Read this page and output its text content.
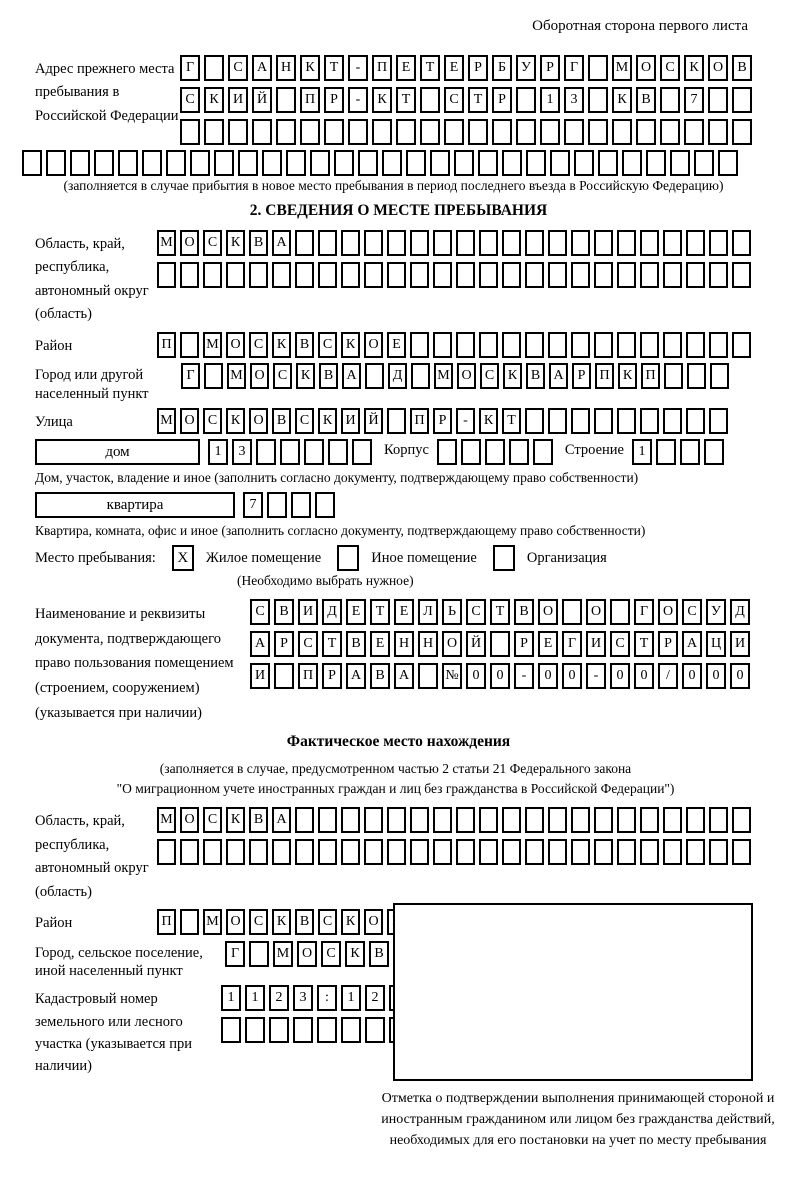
Оборотная сторона первого листа
Адрес прежнего места пребывания в Российской Федерации
Г	С	А Н	К	Т	-	П	Е	Т	Е	Р	Б	У	Р	Г	М О	С	К	О	В
С	К	И Й	П	Р	-	К	Т	С	Т	Р	1	3	К	В	7
(заполняется в случае прибытия в новое место пребывания в период последнего въезда в Российскую Федерацию)
2. СВЕДЕНИЯ О МЕСТЕ ПРЕБЫВАНИЯ
Область, край, республика, автономный округ (область)
М О С К В А
Район	П	М О С К В С К О Е
Город или другой населенный пункт
Г	М О С К В А	Д	М О С К В А	Р	П К П
Улица	М О С К О В С К И Й	П	Р	-	К	Т
дом	1	3	Корпус	Строение	1
Дом, участок, владение и иное (заполнить согласно документу, подтверждающему право собственности)
квартира	7
Квартира, комната, офис и иное (заполнить согласно документу, подтверждающему право собственности)
Место пребывания:	X	Жилое помещение	Иное помещение	Организация
(Необходимо выбрать нужное)
Наименование и реквизиты документа, подтверждающего право пользования помещением (строением, сооружением) (указывается при наличии)
С	В	И	Д	Е	Т	Е	Л	Ь	С	Т	В	О	О	Г	О	С	У	Д
А	Р	С	Т	В	Е	Н Н О Й	Р	Е	Г	И	С	Т	Р	А Ц И
И	П	Р	А	В	А	№ 0	0	-	0	0	-	0	0	/	0	0	0
Фактическое место нахождения
(заполняется в случае, предусмотренном частью 2 статьи 21 Федерального закона
"О миграционном учете иностранных граждан и лиц без гражданства в Российской Федерации")
Область, край, республика, автономный округ (область)
М О С К В А
Район	П	М О С К В С К О
Город, сельское поселение, иной населенный пункт
Г	М О	С	К	В
Кадастровый номер земельного или лесного участка (указывается при наличии)
1	1	2	3	:	1	2
Отметка о подтверждении выполнения принимающей стороной и иностранным гражданином или лицом без гражданства действий, необходимых для его постановки на учет по месту пребывания
